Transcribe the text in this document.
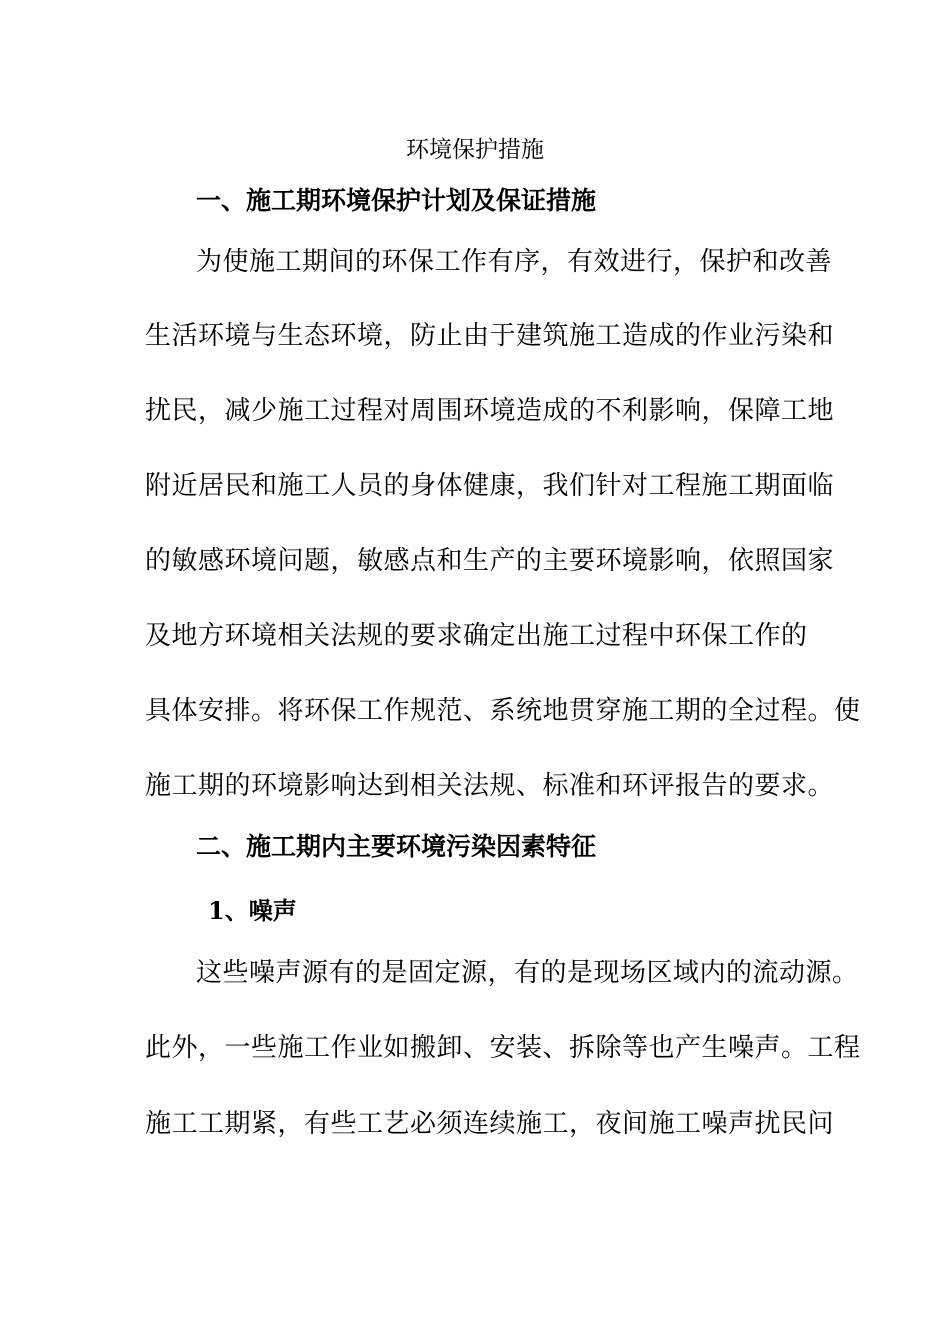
环境保护措施
一、施工期环境保护计划及保证措施

为使施工期间的环保工作有序，有效进行，保护和改善

生活环境与生态环境，防止由于建筑施工造成的作业污染和

扰民，减少施工过程对周围环境造成的不利影响，保障工地

附近居民和施工人员的身体健康，我们针对工程施工期面临

的敏感环境问题，敏感点和生产的主要环境影响，依照国家

及地方环境相关法规的要求确定出施工过程中环保工作的

具体安排。将环保工作规范、系统地贯穿施工期的全过程。使

施工期的环境影响达到相关法规、标准和环评报告的要求。

二、施工期内主要环境污染因素特征
1、噪声

这些噪声源有的是固定源，有的是现场区域内的流动源。

此外，一些施工作业如搬卸、安装、拆除等也产生噪声。工程

施工工期紧，有些工艺必须连续施工，夜间施工噪声扰民问
